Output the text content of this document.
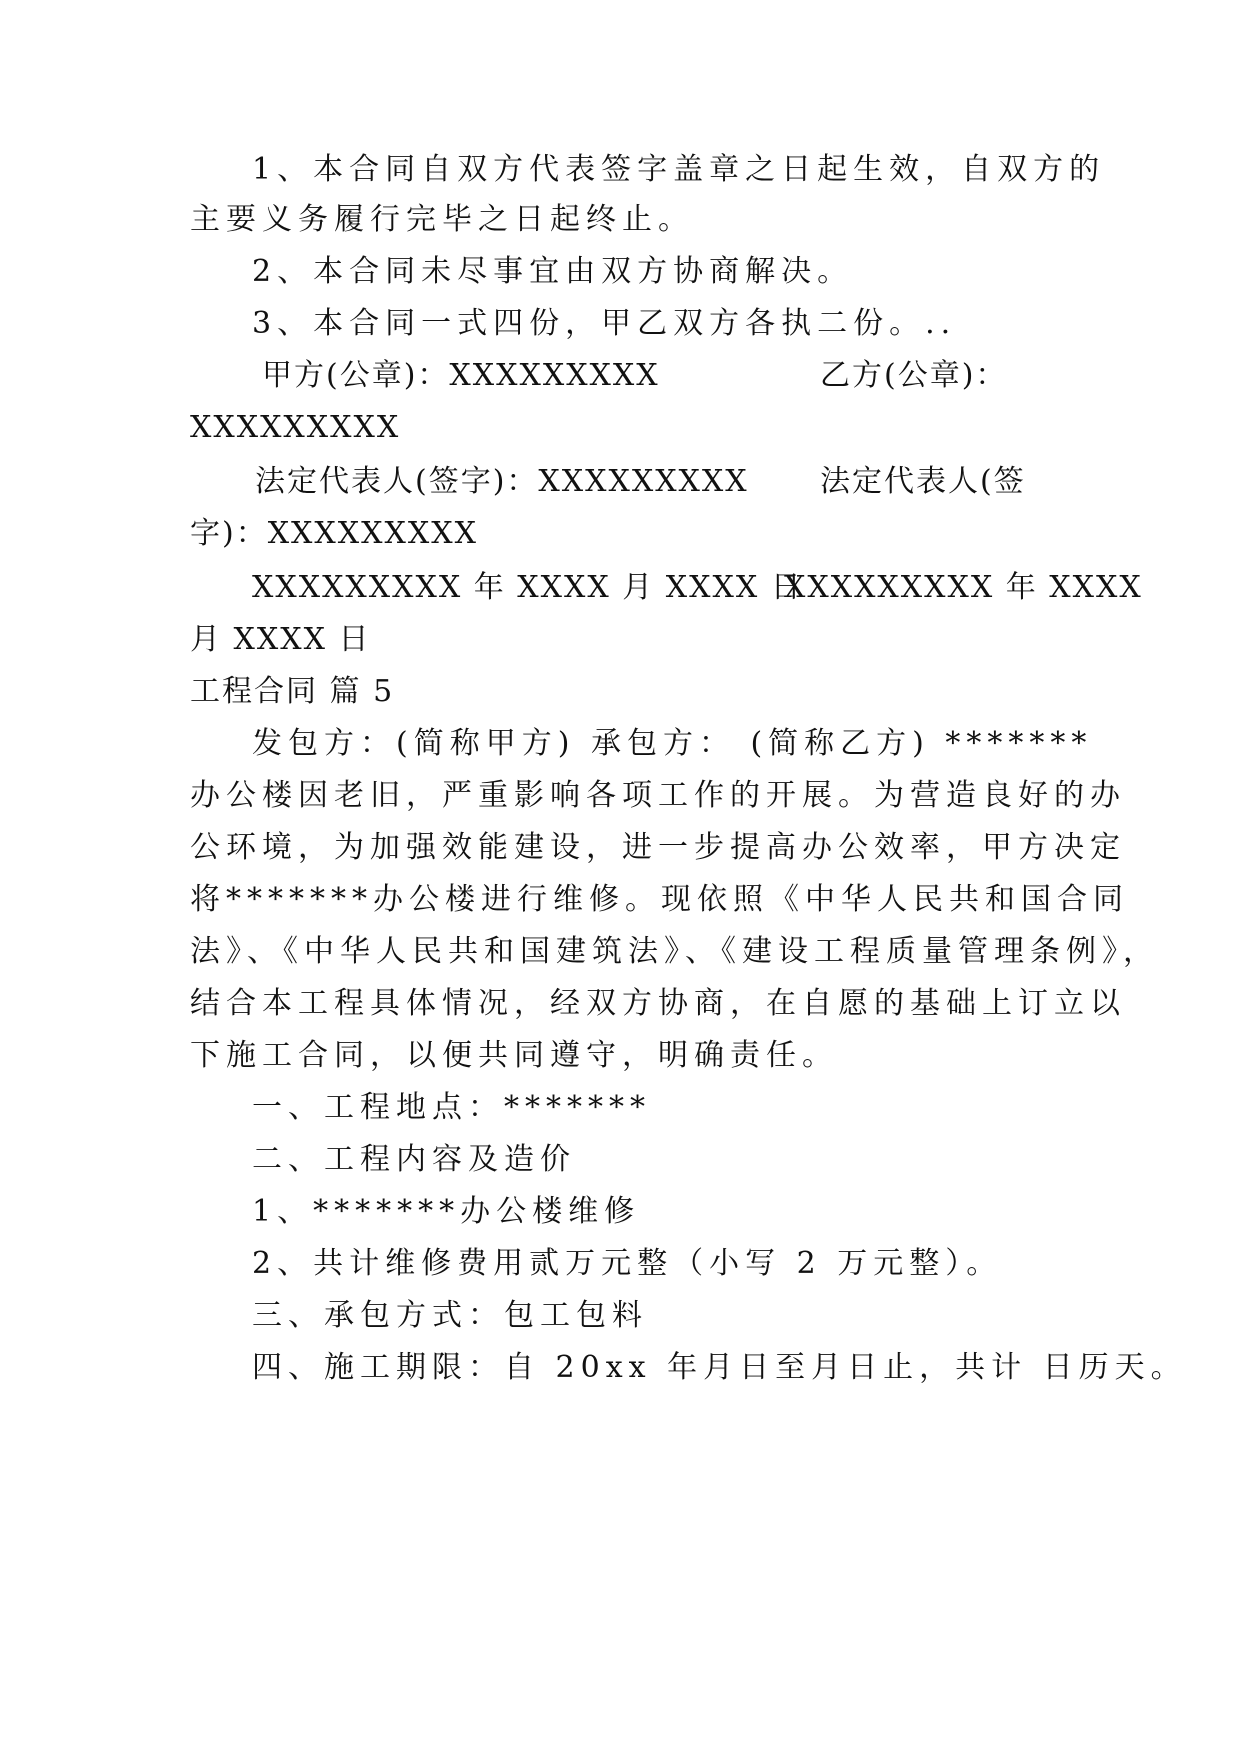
1、本合同自双方代表签字盖章之日起生效，自双方的
主要义务履行完毕之日起终止。
2、本合同未尽事宜由双方协商解决。
3、本合同一式四份，甲乙双方各执二份。..
甲方(公章)：XXXXXXXXX	乙方(公章)：
XXXXXXXXX
法定代表人(签字)：XXXXXXXXX	法定代表人(签
字)：XXXXXXXXX
XXXXXXXXX 年 XXXX 月 XXXX 日
XXXXXXXXX 年 XXXX
月 XXXX 日
工程合同 篇 5
发包方：(简称甲方) 承包方： (简称乙方) *******
办公楼因老旧，严重影响各项工作的开展。为营造良好的办
公环境，为加强效能建设，进一步提高办公效率，甲方决定
将*******办公楼进行维修。现依照《中华人民共和国合同
法》、《中华人民共和国建筑法》、《建设工程质量管理条例》，
结合本工程具体情况，经双方协商，在自愿的基础上订立以
下施工合同，以便共同遵守，明确责任。
一、工程地点：*******
二、工程内容及造价
1、*******办公楼维修
2、共计维修费用贰万元整（小写 2 万元整）。
三、承包方式：包工包料
四、施工期限：自 20xx 年月日至月日止，共计 日历天。
